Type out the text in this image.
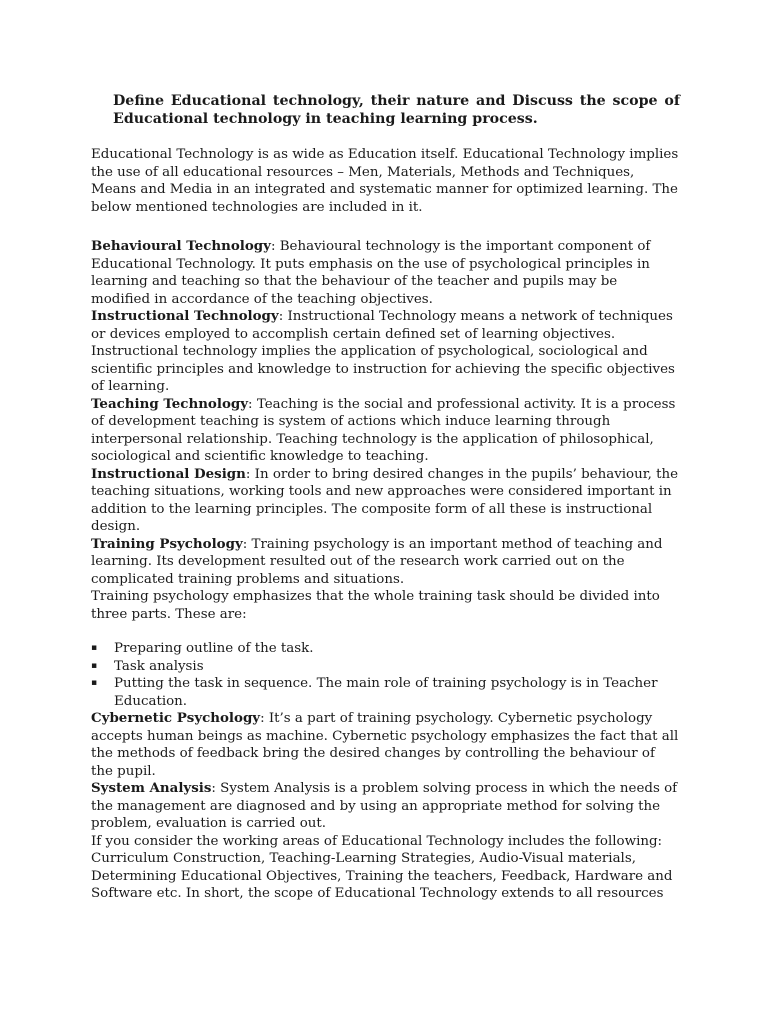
Define Educational technology, their nature and Discuss the scope of Educational technology in teaching learning process.

Educational Technology is as wide as Education itself. Educational Technology implies the use of all educational resources – Men, Materials, Methods and Techniques, Means and Media in an integrated and systematic manner for optimized learning. The below mentioned technologies are included in it.

Behavioural Technology: Behavioural technology is the important component of Educational Technology. It puts emphasis on the use of psychological principles in learning and teaching so that the behaviour of the teacher and pupils may be modified in accordance of the teaching objectives.

Instructional Technology: Instructional Technology means a network of techniques or devices employed to accomplish certain defined set of learning objectives. Instructional technology implies the application of psychological, sociological and scientific principles and knowledge to instruction for achieving the specific objectives of learning.

Teaching Technology: Teaching is the social and professional activity. It is a process of development teaching is system of actions which induce learning through interpersonal relationship. Teaching technology is the application of philosophical, sociological and scientific knowledge to teaching.

Instructional Design: In order to bring desired changes in the pupils’ behaviour, the teaching situations, working tools and new approaches were considered important in addition to the learning principles. The composite form of all these is instructional design.

Training Psychology: Training psychology is an important method of teaching and learning. Its development resulted out of the research work carried out on the complicated training problems and situations.

Training psychology emphasizes that the whole training task should be divided into three parts. These are:

▪ Preparing outline of the task.
▪ Task analysis
▪ Putting the task in sequence. The main role of training psychology is in Teacher Education.

Cybernetic Psychology: It’s a part of training psychology. Cybernetic psychology accepts human beings as machine. Cybernetic psychology emphasizes the fact that all the methods of feedback bring the desired changes by controlling the behaviour of the pupil.

System Analysis: System Analysis is a problem solving process in which the needs of the management are diagnosed and by using an appropriate method for solving the problem, evaluation is carried out.

If you consider the working areas of Educational Technology includes the following: Curriculum Construction, Teaching-Learning Strategies, Audio-Visual materials, Determining Educational Objectives, Training the teachers, Feedback, Hardware and Software etc. In short, the scope of Educational Technology extends to all resources
